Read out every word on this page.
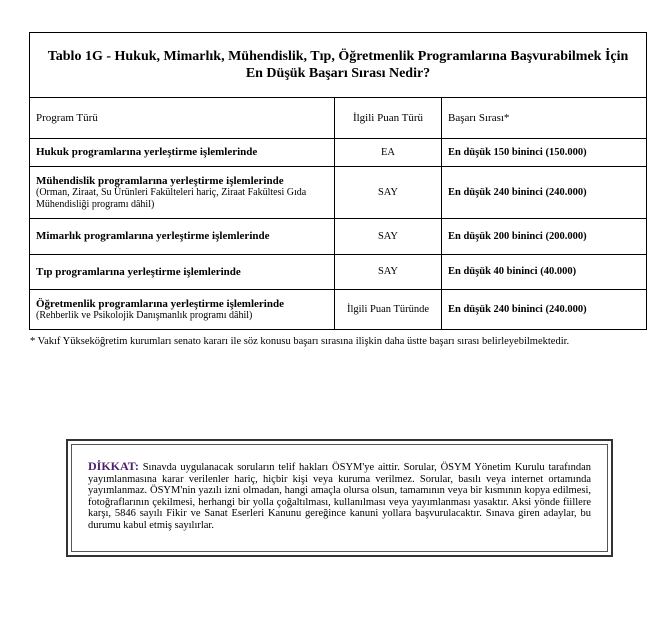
Tablo 1G - Hukuk, Mimarlık, Mühendislik, Tıp, Öğretmenlik Programlarına Başvurabilmek İçin En Düşük Başarı Sırası Nedir?		
Program Türü	İlgili Puan Türü	Başarı Sırası*
Hukuk programlarına yerleştirme işlemlerinde	EA	En düşük 150 bininci (150.000)

Mühendislik programlarına yerleştirme işlemlerinde
(Orman, Ziraat, Su Ürünleri Fakülteleri hariç, Ziraat Fakültesi Gıda Mühendisliği programı dâhil)	SAY	En düşük 240 bininci (240.000)
Mimarlık programlarına yerleştirme işlemlerinde	SAY	En düşük 200 bininci (200.000)
Tıp programlarına yerleştirme işlemlerinde	SAY	En düşük 40 bininci (40.000)

Öğretmenlik programlarına yerleştirme işlemlerinde
(Rehberlik ve Psikolojik Danışmanlık programı dâhil)	İlgili Puan Türünde	En düşük 240 bininci (240.000)
* Vakıf Yükseköğretim kurumları senato kararı ile söz konusu başarı sırasına ilişkin daha üstte başarı sırası belirleyebilmektedir.
DİKKAT: Sınavda uygulanacak soruların telif hakları ÖSYM'ye aittir. Sorular, ÖSYM Yönetim Kurulu tarafından yayımlanmasına karar verilenler hariç, hiçbir kişi veya kuruma verilmez. Sorular, basılı veya internet ortamında yayımlanmaz. ÖSYM'nin yazılı izni olmadan, hangi amaçla olursa olsun, tamamının veya bir kısmının kopya edilmesi, fotoğraflarının çekilmesi, herhangi bir yolla çoğaltılması, kullanılması veya yayımlanması yasaktır. Aksi yönde fiillere karşı, 5846 sayılı Fikir ve Sanat Eserleri Kanunu gereğince kanuni yollara başvurulacaktır. Sınava giren adaylar, bu durumu kabul etmiş sayılırlar.
